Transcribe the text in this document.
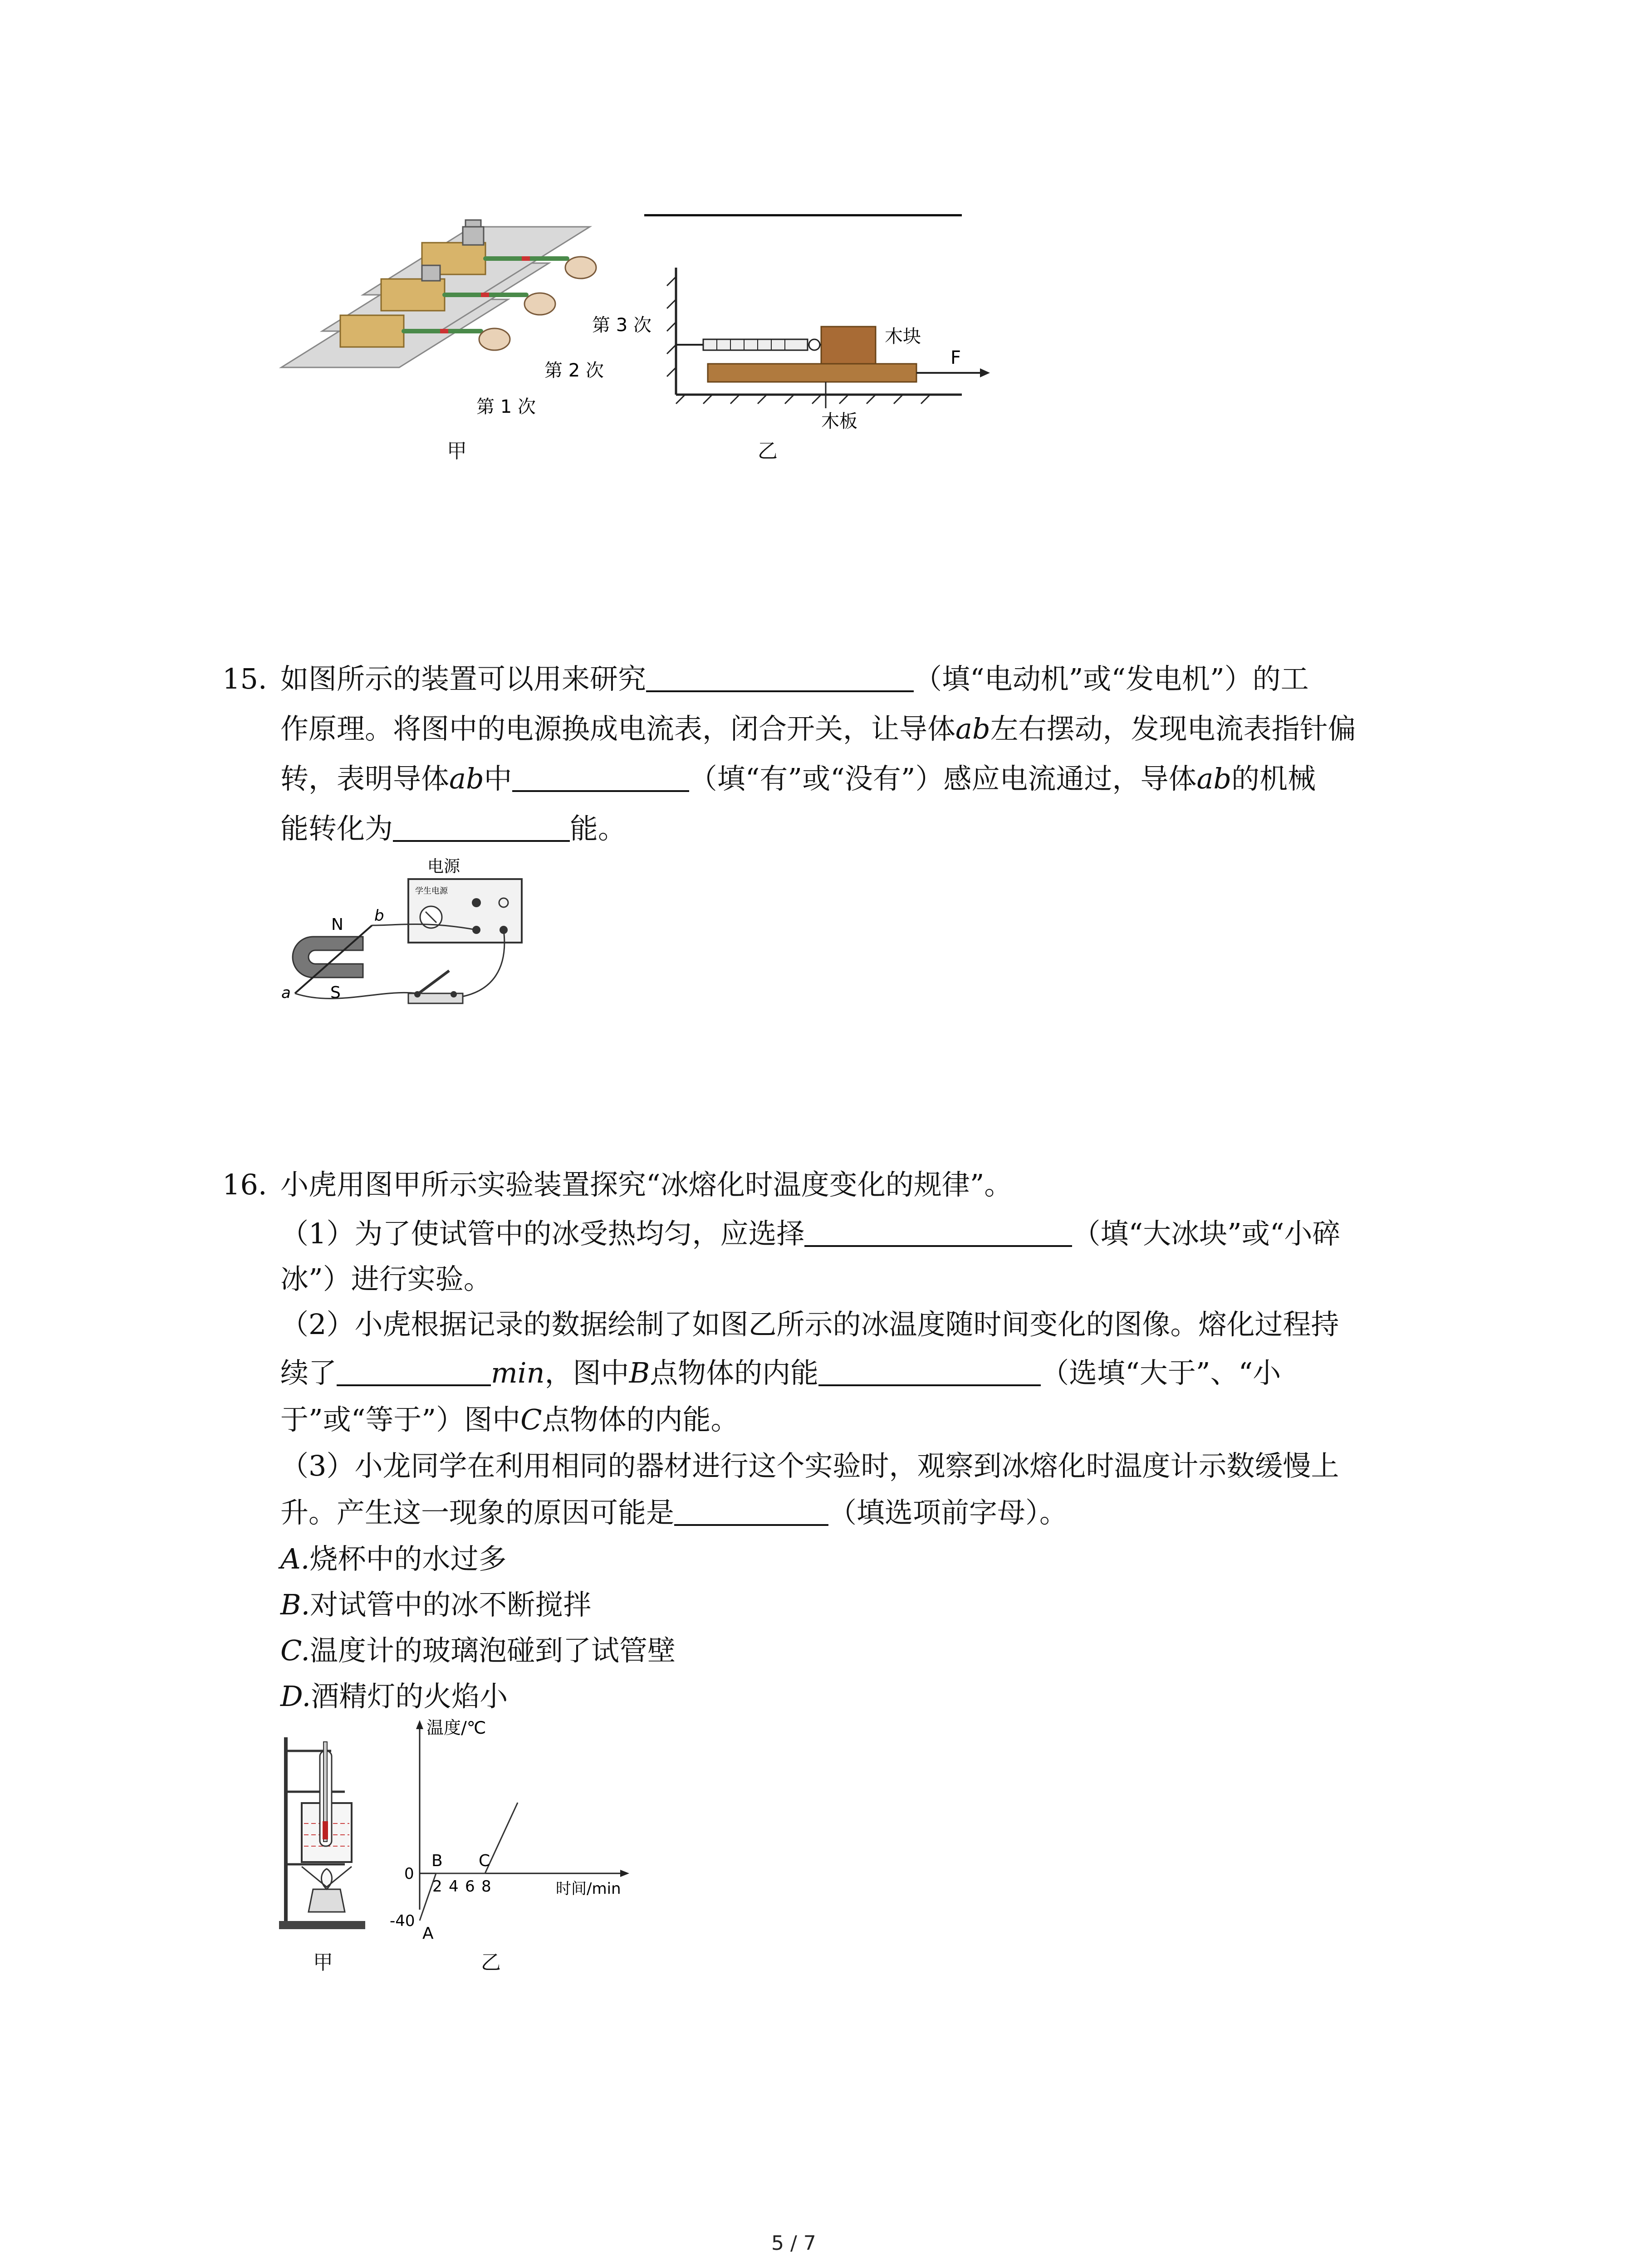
第 3 次
第 2 次
第 1 次
F
木块
木板
甲	乙
15. 如图所示的装置可以用来研究	（填“电动机”或“发电机”）的工
作原理。将图中的电源换成电流表，闭合开关，让导体ab左右摆动，发现电流表指针偏
转，表明导体ab中	（填“有”或“没有”）感应电流通过，导体ab的机械
能转化为	能。
电源
学生电源
N
S
a
b
16. 小虎用图甲所示实验装置探究“冰熔化时温度变化的规律”。
（1）为了使试管中的冰受热均匀，应选择	（填“大冰块”或“小碎
冰”）进行实验。
（2）小虎根据记录的数据绘制了如图乙所示的冰温度随时间变化的图像。熔化过程持
续了	min，图中B点物体的内能	（选填“大于”、“小
于”或“等于”）图中C点物体的内能。
（3）小龙同学在利用相同的器材进行这个实验时，观察到冰熔化时温度计示数缓慢上
升。产生这一现象的原因可能是	（填选项前字母）。
A.烧杯中的水过多
B.对试管中的冰不断搅拌
C.温度计的玻璃泡碰到了试管壁
D.酒精灯的火焰小
温度/℃
时间/min
2 4 6 8
0
-40
A
B C
甲	乙
5 / 7
